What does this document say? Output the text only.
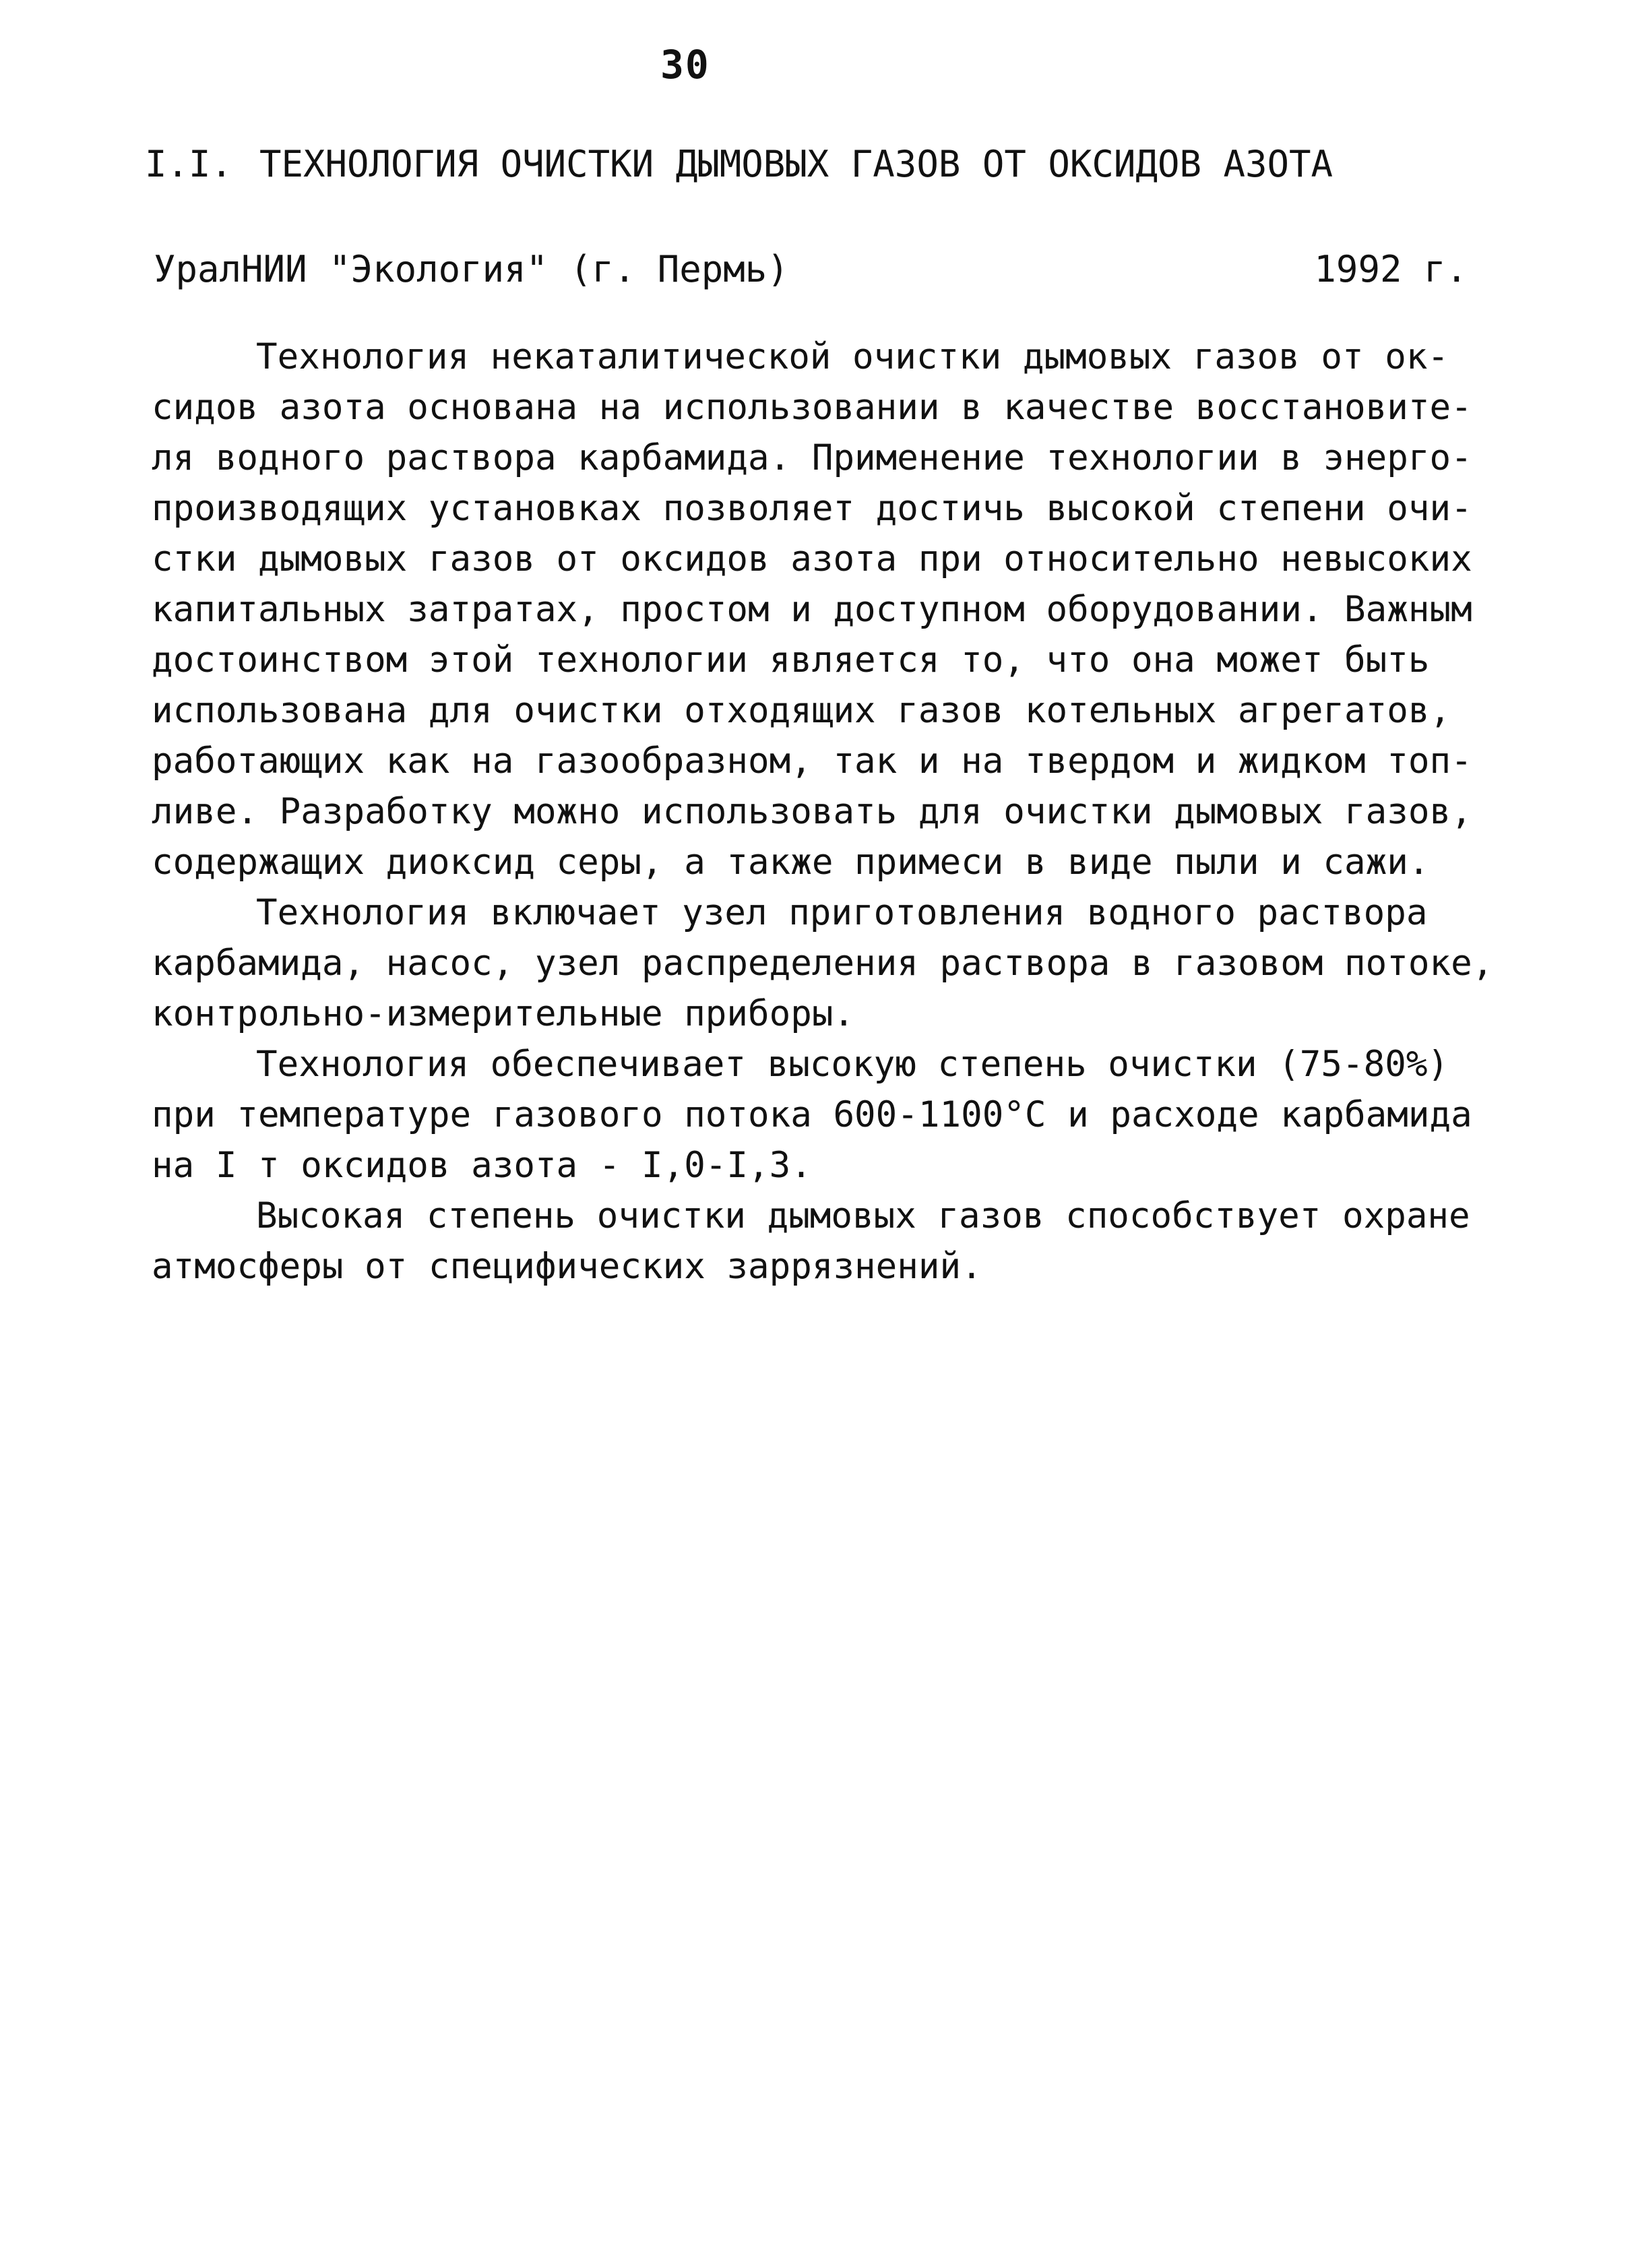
30
I.I. ТЕХНОЛОГИЯ ОЧИСТКИ ДЫМОВЫХ ГАЗОВ ОТ ОКСИДОВ АЗОТА
УралНИИ "Экология" (г. Пермь)	1992 г.
Технология некаталитической очистки дымовых газов от ок-
сидов азота основана на использовании в качестве восстановите-
ля водного раствора карбамида. Применение технологии в энерго-
производящих установках позволяет достичь высокой степени очи-
стки дымовых газов от оксидов азота при относительно невысоких
капитальных затратах, простом и доступном оборудовании. Важным
достоинством этой технологии является то, что она может быть
использована для очистки отходящих газов котельных агрегатов,
работающих как на газообразном, так и на твердом и жидком топ-
ливе. Разработку можно использовать для очистки дымовых газов,
содержащих диоксид серы, а также примеси в виде пыли и сажи.
Технология включает узел приготовления водного раствора
карбамида, насос, узел распределения раствора в газовом потоке,
контрольно-измерительные приборы.
Технология обеспечивает высокую степень очистки (75-80%)
при температуре газового потока 600-1100°С и расходе карбамида
на I т оксидов азота - I,0-I,3.
Высокая степень очистки дымовых газов способствует охране
атмосферы от специфических заррязнений.
